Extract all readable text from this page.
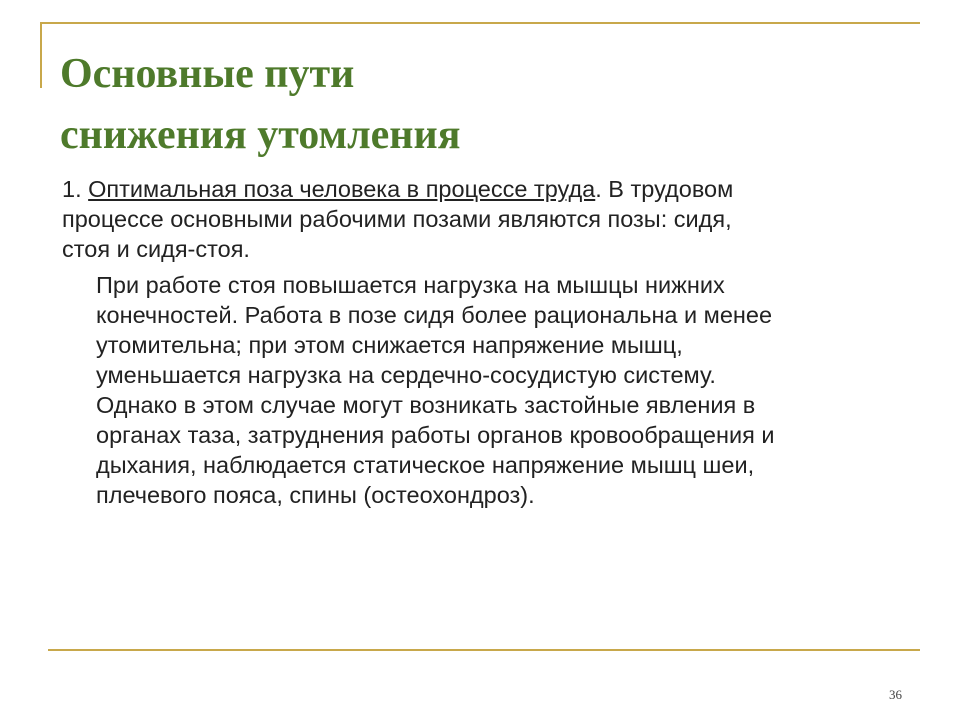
Основные пути
снижения утомления

1. Оптимальная поза человека в процессе труда. В трудовом
процессе основными рабочими позами являются позы: сидя,
стоя и сидя-стоя.

При работе стоя повышается нагрузка на мышцы нижних
конечностей. Работа в позе сидя более рациональна и менее
утомительна; при этом снижается напряжение мышц,
уменьшается нагрузка на сердечно-сосудистую систему.
Однако в этом случае могут возникать застойные явления в
органах таза, затруднения работы органов кровообращения и
дыхания, наблюдается статическое напряжение мышц шеи,
плечевого пояса, спины (остеохондроз).

36
